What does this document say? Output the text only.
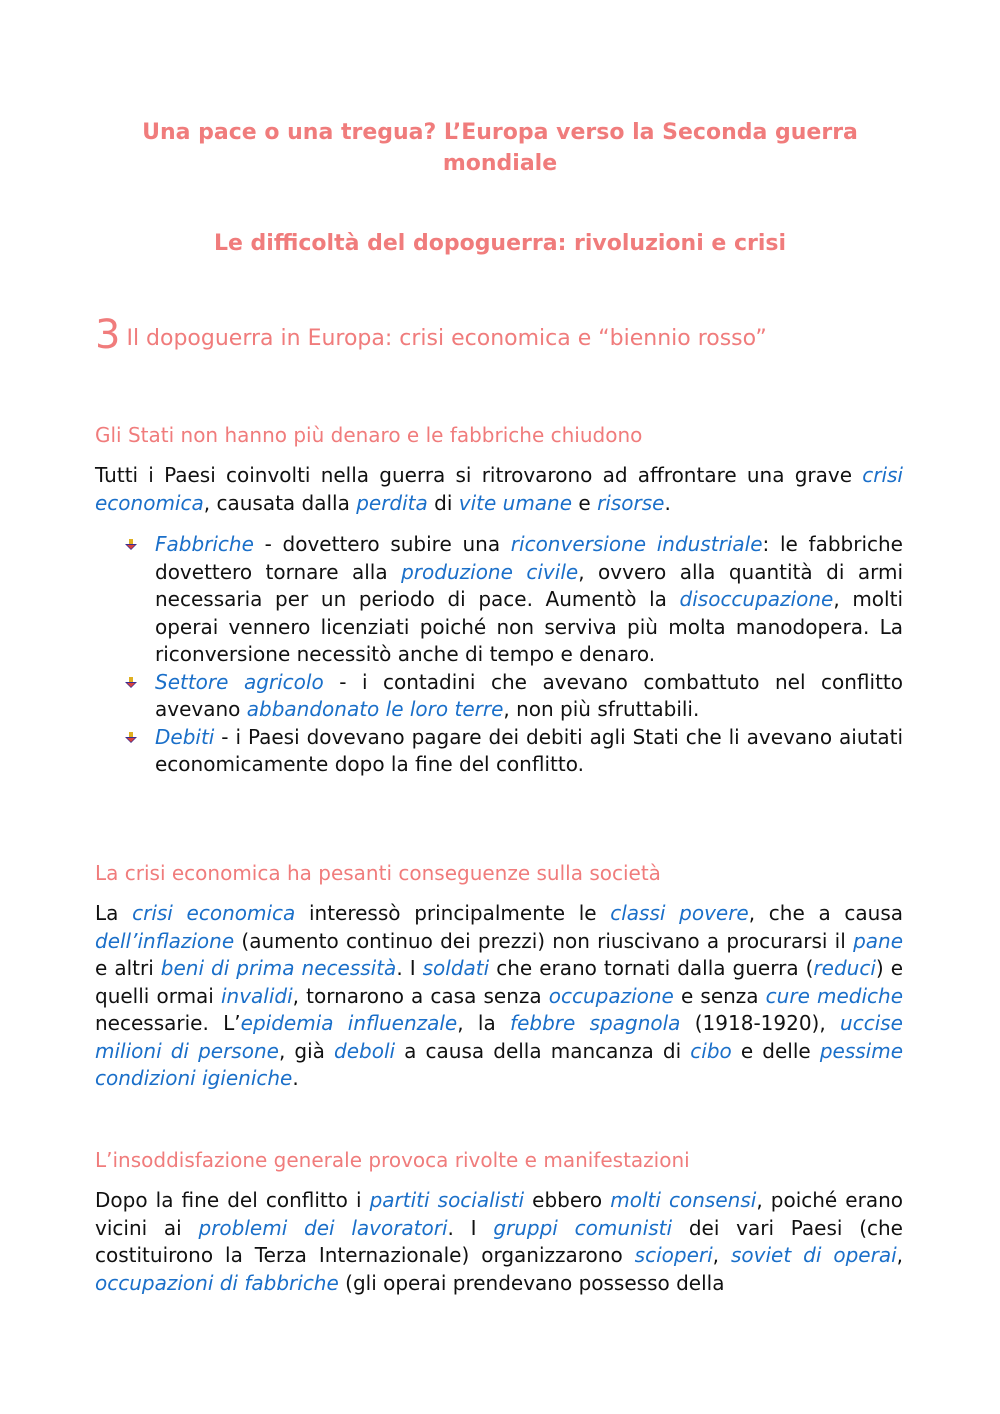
Una pace o una tregua? L’Europa verso la Seconda guerra mondiale
Le difficoltà del dopoguerra: rivoluzioni e crisi
3 Il dopoguerra in Europa: crisi economica e “biennio rosso”
Gli Stati non hanno più denaro e le fabbriche chiudono

Tutti i Paesi coinvolti nella guerra si ritrovarono ad affrontare una grave crisi economica, causata dalla perdita di vite umane e risorse.

Fabbriche - dovettero subire una riconversione industriale: le fabbriche dovettero tornare alla produzione civile, ovvero alla quantità di armi necessaria per un periodo di pace. Aumentò la disoccupazione, molti operai vennero licenziati poiché non serviva più molta manodopera. La riconversione necessitò anche di tempo e denaro.
Settore agricolo - i contadini che avevano combattuto nel conflitto avevano abbandonato le loro terre, non più sfruttabili.
Debiti - i Paesi dovevano pagare dei debiti agli Stati che li avevano aiutati economicamente dopo la fine del conflitto.
La crisi economica ha pesanti conseguenze sulla società

La crisi economica interessò principalmente le classi povere, che a causa dell’inflazione (aumento continuo dei prezzi) non riuscivano a procurarsi il pane e altri beni di prima necessità. I soldati che erano tornati dalla guerra (reduci) e quelli ormai invalidi, tornarono a casa senza occupazione e senza cure mediche necessarie. L’epidemia influenzale, la febbre spagnola (1918-1920), uccise milioni di persone, già deboli a causa della mancanza di cibo e delle pessime condizioni igieniche.

L’insoddisfazione generale provoca rivolte e manifestazioni

Dopo la fine del conflitto i partiti socialisti ebbero molti consensi, poiché erano vicini ai problemi dei lavoratori. I gruppi comunisti dei vari Paesi (che costituirono la Terza Internazionale) organizzarono scioperi, soviet di operai, occupazioni di fabbriche (gli operai prendevano possesso della
